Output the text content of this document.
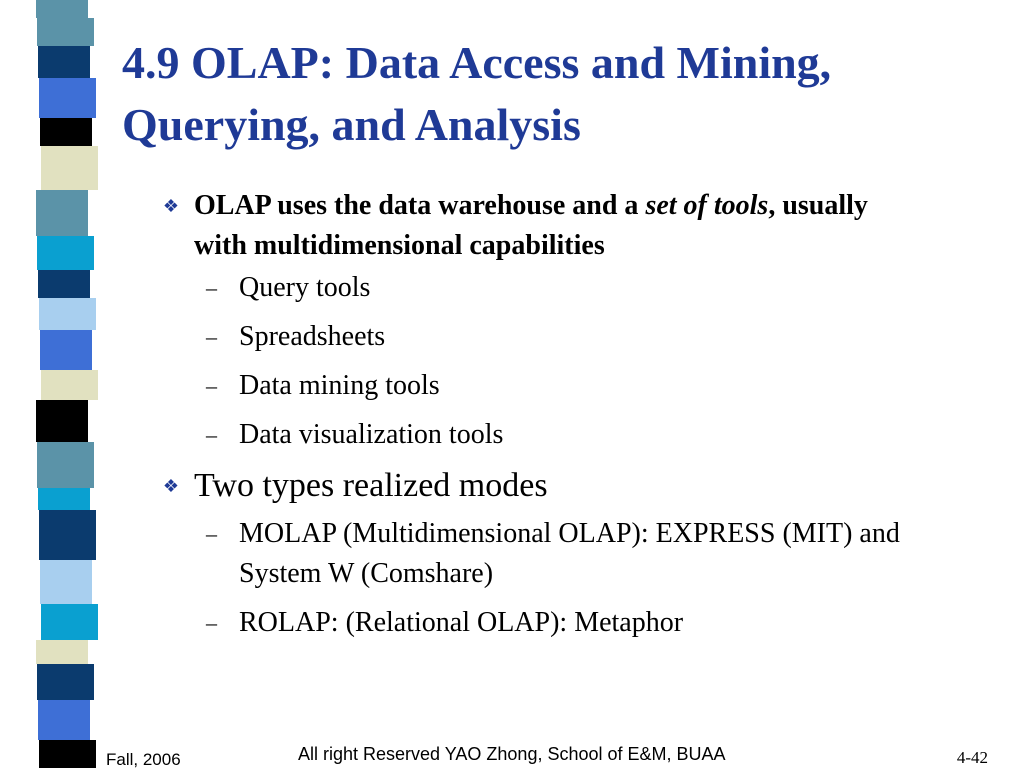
4.9 OLAP: Data Access and Mining, Querying, and Analysis
❖ OLAP uses the data warehouse and a set of tools, usually with multidimensional capabilities
– Query tools
– Spreadsheets
– Data mining tools
– Data visualization tools
❖ Two types realized modes
– MOLAP (Multidimensional OLAP): EXPRESS (MIT) and System W (Comshare)
– ROLAP: (Relational OLAP): Metaphor
Fall, 2006	All right Reserved YAO Zhong, School of E&M, BUAA	4-42
